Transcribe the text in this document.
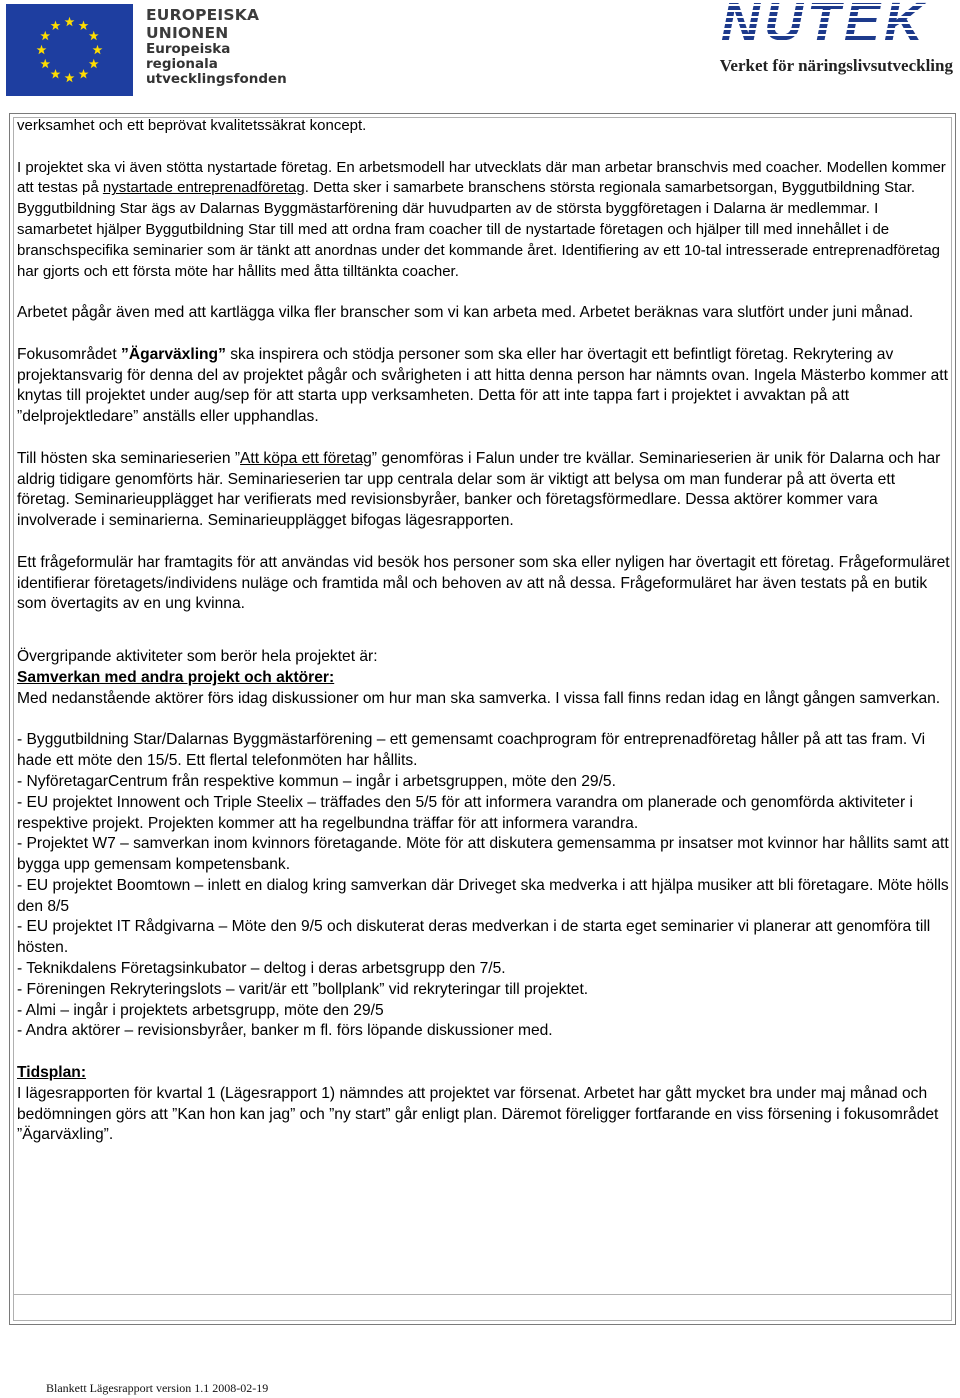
EUROPEISKA
UNIONEN
Europeiska
regionala
utvecklingsfonden
NUTEK
Verket för näringslivsutveckling

verksamhet och ett beprövat kvalitetssäkrat koncept.

I projektet ska vi även stötta nystartade företag. En arbetsmodell har utvecklats där man arbetar branschvis med coacher. Modellen kommer att testas på nystartade entreprenadföretag. Detta sker i samarbete branschens största regionala samarbetsorgan, Byggutbildning Star. Byggutbildning Star ägs av Dalarnas Byggmästarförening där huvudparten av de största byggföretagen i Dalarna är medlemmar. I samarbetet hjälper Byggutbildning Star till med att ordna fram coacher till de nystartade företagen och hjälper till med innehållet i de branschspecifika seminarier som är tänkt att anordnas under det kommande året. Identifiering av ett 10-tal intresserade entreprenadföretag har gjorts och ett första möte har hållits med åtta tilltänkta coacher.

Arbetet pågår även med att kartlägga vilka fler branscher som vi kan arbeta med. Arbetet beräknas vara slutfört under juni månad.

Fokusområdet ”Ägarväxling” ska inspirera och stödja personer som ska eller har övertagit ett befintligt företag. Rekrytering av projektansvarig för denna del av projektet pågår och svårigheten i att hitta denna person har nämnts ovan. Ingela Mästerbo kommer att knytas till projektet under aug/sep för att starta upp verksamheten. Detta för att inte tappa fart i projektet i avvaktan på att ”delprojektledare” anställs eller upphandlas.

Till hösten ska seminarieserien ”Att köpa ett företag” genomföras i Falun under tre kvällar. Seminarieserien är unik för Dalarna och har aldrig tidigare genomförts här. Seminarieserien tar upp centrala delar som är viktigt att belysa om man funderar på att överta ett företag. Seminarieupplägget har verifierats med revisionsbyråer, banker och företagsförmedlare. Dessa aktörer kommer vara involverade i seminarierna. Seminarieupplägget bifogas lägesrapporten.

Ett frågeformulär har framtagits för att användas vid besök hos personer som ska eller nyligen har övertagit ett företag. Frågeformuläret identifierar företagets/individens nuläge och framtida mål och behoven av att nå dessa. Frågeformuläret har även testats på en butik som övertagits av en ung kvinna.

Övergripande aktiviteter som berör hela projektet är:

Samverkan med andra projekt och aktörer:

Med nedanstående aktörer förs idag diskussioner om hur man ska samverka. I vissa fall finns redan idag en långt gången samverkan.

- Byggutbildning Star/Dalarnas Byggmästarförening – ett gemensamt coachprogram för entreprenadföretag håller på att tas fram. Vi hade ett möte den 15/5. Ett flertal telefonmöten har hållits.

- NyföretagarCentrum från respektive kommun – ingår i arbetsgruppen, möte den 29/5.

- EU projektet Innowent och Triple Steelix – träffades den 5/5 för att informera varandra om planerade och genomförda aktiviteter i respektive projekt. Projekten kommer att ha regelbundna träffar för att informera varandra.

- Projektet W7 – samverkan inom kvinnors företagande. Möte för att diskutera gemensamma pr insatser mot kvinnor har hållits samt att bygga upp gemensam kompetensbank.

- EU projektet Boomtown – inlett en dialog kring samverkan där Driveget ska medverka i att hjälpa musiker att bli företagare. Möte hölls den 8/5

- EU projektet IT Rådgivarna – Möte den 9/5 och diskuterat deras medverkan i de starta eget seminarier vi planerar att genomföra till hösten.

- Teknikdalens Företagsinkubator – deltog i deras arbetsgrupp den 7/5.

- Föreningen Rekryteringslots – varit/är ett ”bollplank” vid rekryteringar till projektet.

- Almi – ingår i projektets arbetsgrupp, möte den 29/5

- Andra aktörer – revisionsbyråer, banker m fl. förs löpande diskussioner med.

Tidsplan:

I lägesrapporten för kvartal 1 (Lägesrapport 1) nämndes att projektet var försenat. Arbetet har gått mycket bra under maj månad och bedömningen görs att ”Kan hon kan jag” och ”ny start” går enligt plan. Däremot föreligger fortfarande en viss försening i fokusområdet ”Ägarväxling”.

Blankett Lägesrapport version 1.1 2008-02-19
